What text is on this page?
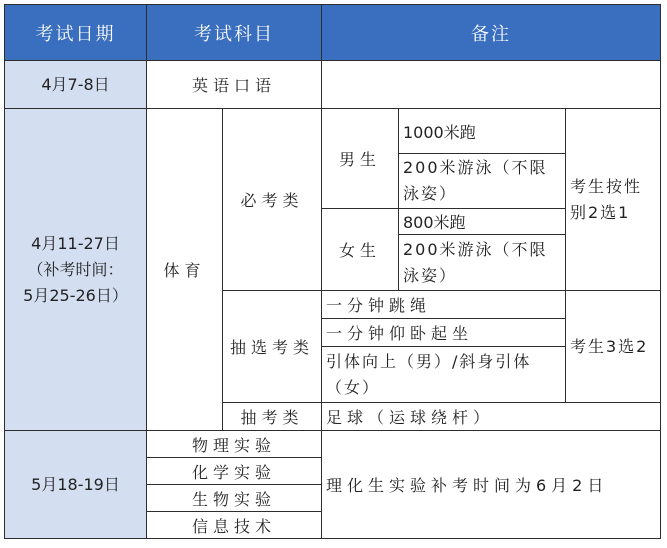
考试日期	考试科目		备注		
4月7-8日	英语口语				

4月11-27日
（补考时间：
5月25-26日）	体育	必考类	男生	1000米跑	考生按性别2选1
				200米游泳（不限泳姿）	
			女生	800米跑	
				200米游泳（不限泳姿）	
		抽选考类	一分钟跳绳		考生3选2
			一分钟仰卧起坐		
			引体向上（男）/斜身引体（女）		
		抽考类	足球（运球绕杆）		
5月18-19日	物理实验		理化生实验补考时间为6月2日		
	化学实验				
	生物实验				
	信息技术				
